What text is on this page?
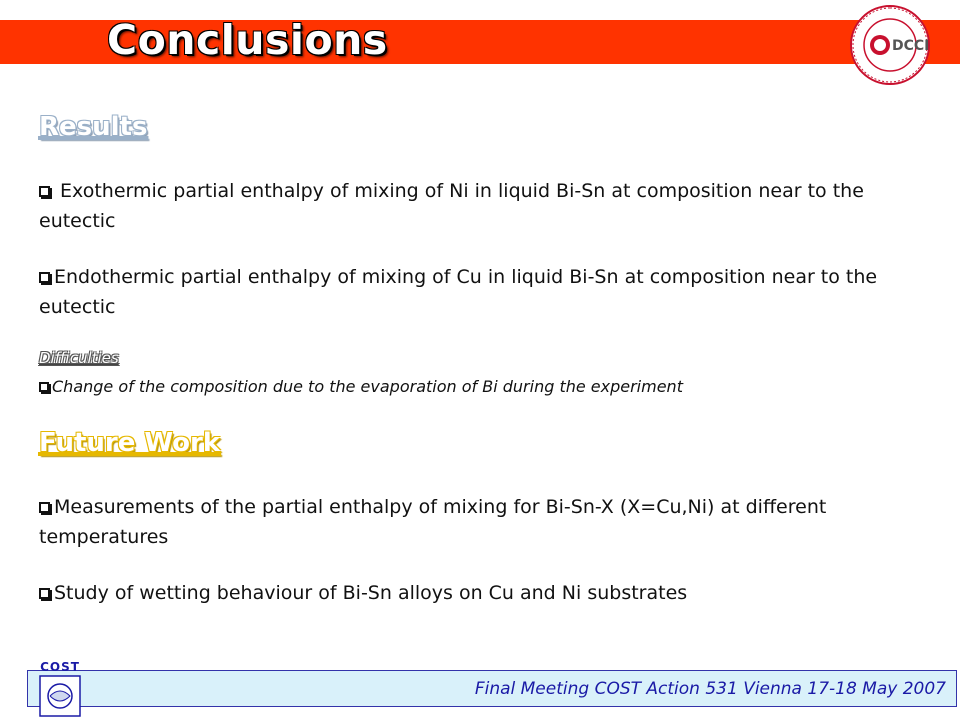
Conclusions	DCCI
Results
Exothermic partial enthalpy of mixing of Ni in liquid Bi-Sn at composition near to the eutectic
Endothermic partial enthalpy of mixing of Cu in liquid Bi-Sn at composition near to the eutectic
Difficulties
Change of the composition due to the evaporation of Bi during the experiment
Future Work
Measurements of the partial enthalpy of mixing for Bi-Sn-X (X=Cu,Ni) at different temperatures
Study of wetting behaviour of Bi-Sn alloys on Cu and Ni substrates
Final Meeting COST Action 531 Vienna 17-18 May 2007
COST
